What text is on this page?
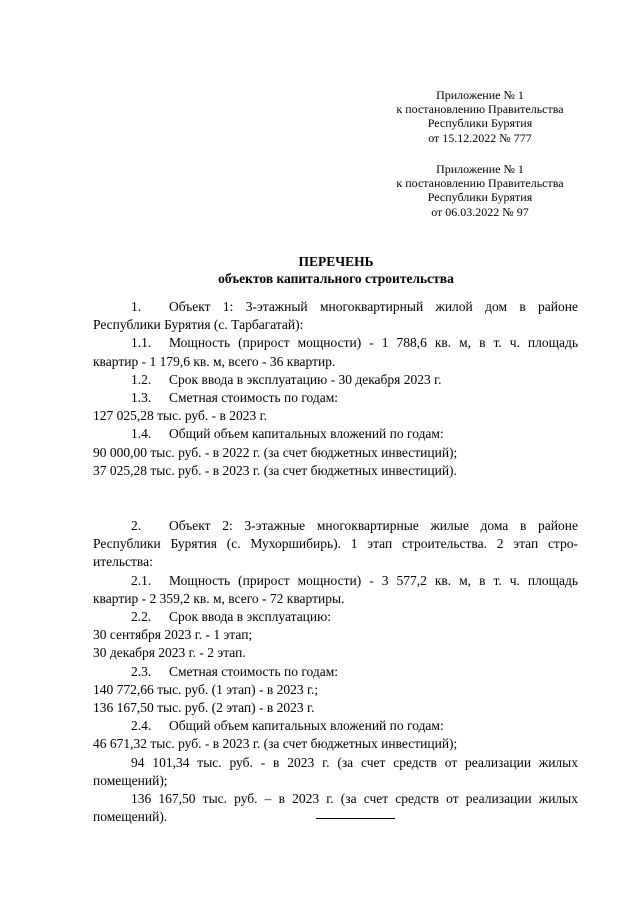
Приложение № 1
к постановлению Правительства
Республики Бурятия
от 15.12.2022 № 777
Приложение № 1
к постановлению Правительства
Республики Бурятия
от 06.03.2022 № 97
ПЕРЕЧЕНЬ
объектов капитального строительства
1.	Объект 1: 3-этажный многоквартирный жилой дом в районе
Республики Бурятия (с. Тарбагатай):
1.1.	Мощность (прирост мощности) - 1 788,6 кв. м, в т. ч. площадь
квартир - 1 179,6 кв. м, всего - 36 квартир.
1.2. Срок ввода в эксплуатацию - 30 декабря 2023 г.
1.3. Сметная стоимость по годам:
127 025,28 тыс. руб. - в 2023 г.
1.4. Общий объем капитальных вложений по годам:
90 000,00 тыс. руб. - в 2022 г. (за счет бюджетных инвестиций);
37 025,28 тыс. руб. - в 2023 г. (за счет бюджетных инвестиций).
2.	Объект 2: 3-этажные многоквартирные жилые дома в районе
Республики Бурятия (с. Мухоршибирь). 1 этап строительства. 2 этап стро-
ительства:
2.1.	Мощность (прирост мощности) - 3 577,2 кв. м, в т. ч. площадь
квартир - 2 359,2 кв. м, всего - 72 квартиры.
2.2. Срок ввода в эксплуатацию:
30 сентября 2023 г. - 1 этап;
30 декабря 2023 г. - 2 этап.
2.3. Сметная стоимость по годам:
140 772,66 тыс. руб. (1 этап) - в 2023 г.;
136 167,50 тыс. руб. (2 этап) - в 2023 г.
2.4. Общий объем капитальных вложений по годам:
46 671,32 тыс. руб. - в 2023 г. (за счет бюджетных инвестиций);
94 101,34 тыс. руб. - в 2023 г. (за счет средств от реализации жилых
помещений);
136 167,50 тыс. руб. – в 2023 г. (за счет средств от реализации жилых
помещений).
